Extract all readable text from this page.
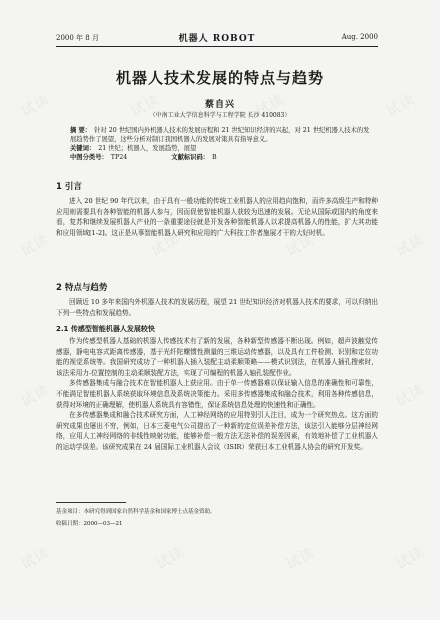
试读	试读	试读	试读
试读	试读	试读	试读
试读	试读	试读	试读
试读	试读	试读	试读
2000 年 8 月	机器人 ROBOT	Aug. 2000
机器人技术发展的特点与趋势
蔡自兴
（中南工业大学信息科学与工程学院 长沙 410083）
摘 要： 针对 20 世纪国内外机器人技术的发展历程和 21 世纪知识经济的兴起，对 21 世纪机器人技术的发展趋势作了展望，这些分析对制订我国机器人的发展对策具有指导意义。
关键词： 21 世纪；机器人，发展趋势，展望
中图分类号： TP24	文献标识码： B
1 引言

进入 20 世纪 90 年代以来，由于具有一般功能的传统工业机器人的应用趋向饱和，而许多高级生产和特种应用则需要具有各种智能的机器人参与，因而促使智能机器人获较为迅速的发展。无论从国际或国内的角度来看，复苏和继续发展机器人产业的一条重要途径就是开发各种智能机器人以求提高机器人的性能，扩大其功能和应用领域[1-2]。这正是从事智能机器人研究和应用的广大科技工作者施展才干的大好时机。

2 特点与趋势

回顾近 10 多年来国内外机器人技术的发展历程，展望 21 世纪知识经济对机器人技术的要求，可以归纳出下列一些特点和发展趋势。

2.1 传感型智能机器人发展较快

作为传感型机器人基础的机器人传感技术有了新的发展，各种新型传感器不断出现。例如，超声波触觉传感器，静电电容式距离传感器，基于光纤陀螺惯性测量的三维运动传感器，以及具有工件检测、识别和定位功能的视觉系统等。我国研究成功了一种机器人插入装配主动柔顺策略——模式识别法，在机器人插孔搜索时，该法采用力-位置控制的主动柔顺装配方法，实现了可编程的机器人轴孔装配作业。

多传感器集成与融合技术在智能机器人上获应用。由于单一传感器难以保证输入信息的准确性和可靠性，不能满足智能机器人系统获取环境信息及系统决策能力。采用多传感器集成和融合技术，利用各种传感信息，获得对环境的正确理解，使机器人系统具有容错性，保证系统信息处理的快速性和正确性。

在多传感器集成和融合技术研究方面，人工神经网络的应用特别引人注目，成为一个研究热点。这方面的研究成果也屡出不穷，例如，日本三菱电气公司提出了一种新的定位误差补偿方法，该法引入能够分层神经网络，应用人工神经网络的非线性映射功能，能够补偿一般方法无法补偿的误差因素，有效地补偿了工业机器人的运动学误差。该研究成果在 24 届国际工业机器人会议（ISIR）荣获日本工业机器人协会的研究开发奖。

基金项目：本研究得到国家自然科学基金和国家博士点基金资助。
收稿日期：2000—03—21
